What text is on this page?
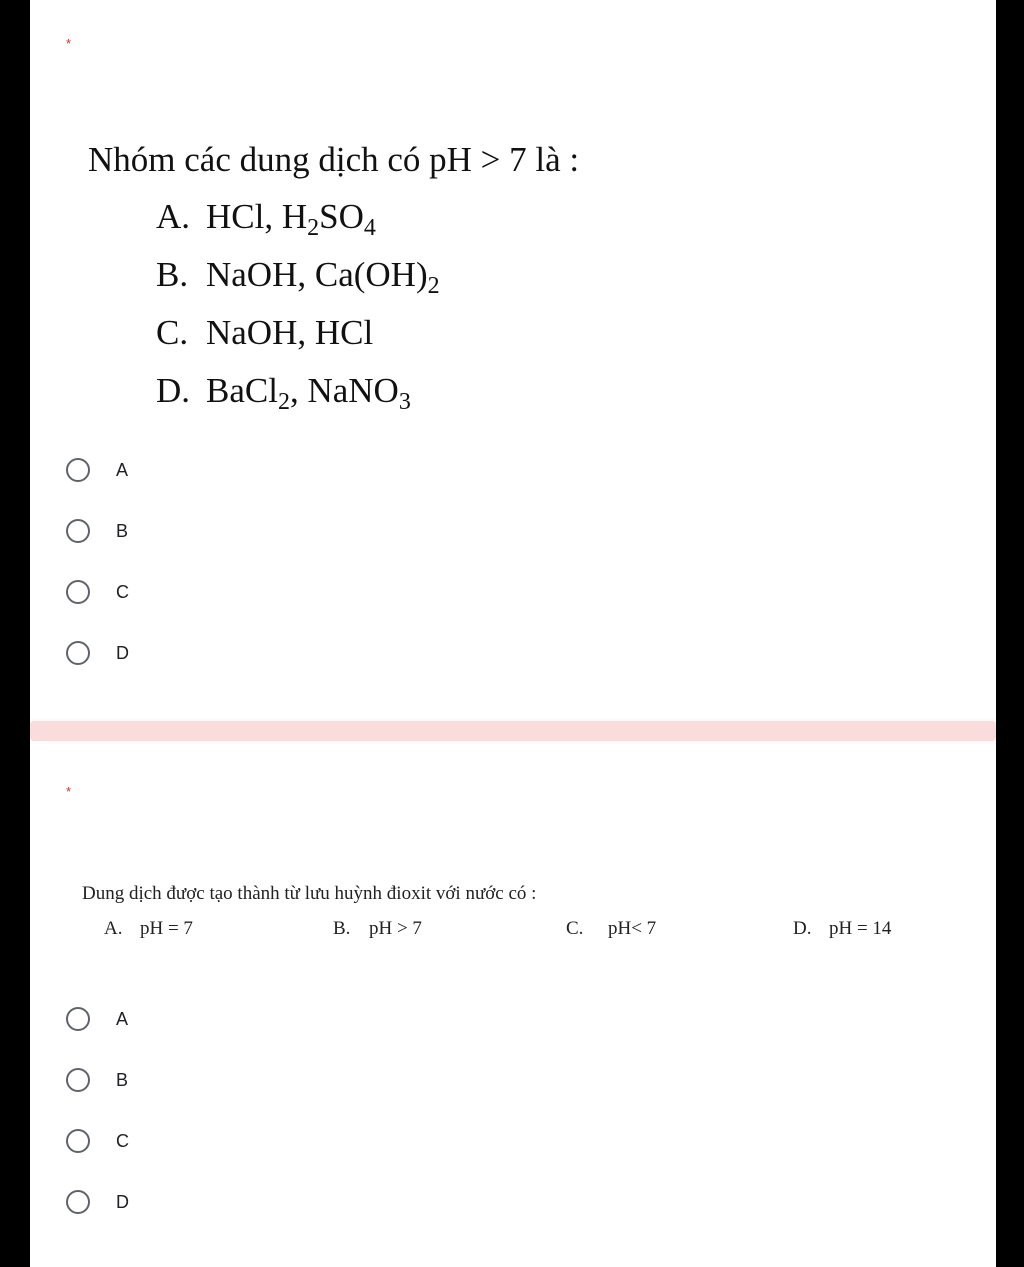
*
Nhóm các dung dịch có pH > 7 là :
A. HCl, $H_2SO_4$
B. NaOH, $Ca(OH)_2$
C. NaOH, HCl
D. BaCl$_2$, NaNO$_3$
A
B
C
D
*
Dung dịch được tạo thành từ lưu huỳnh đioxit với nước có :
A. pH = 7	B. pH > 7	C. pH< 7	D. pH = 14
A
B
C
D
